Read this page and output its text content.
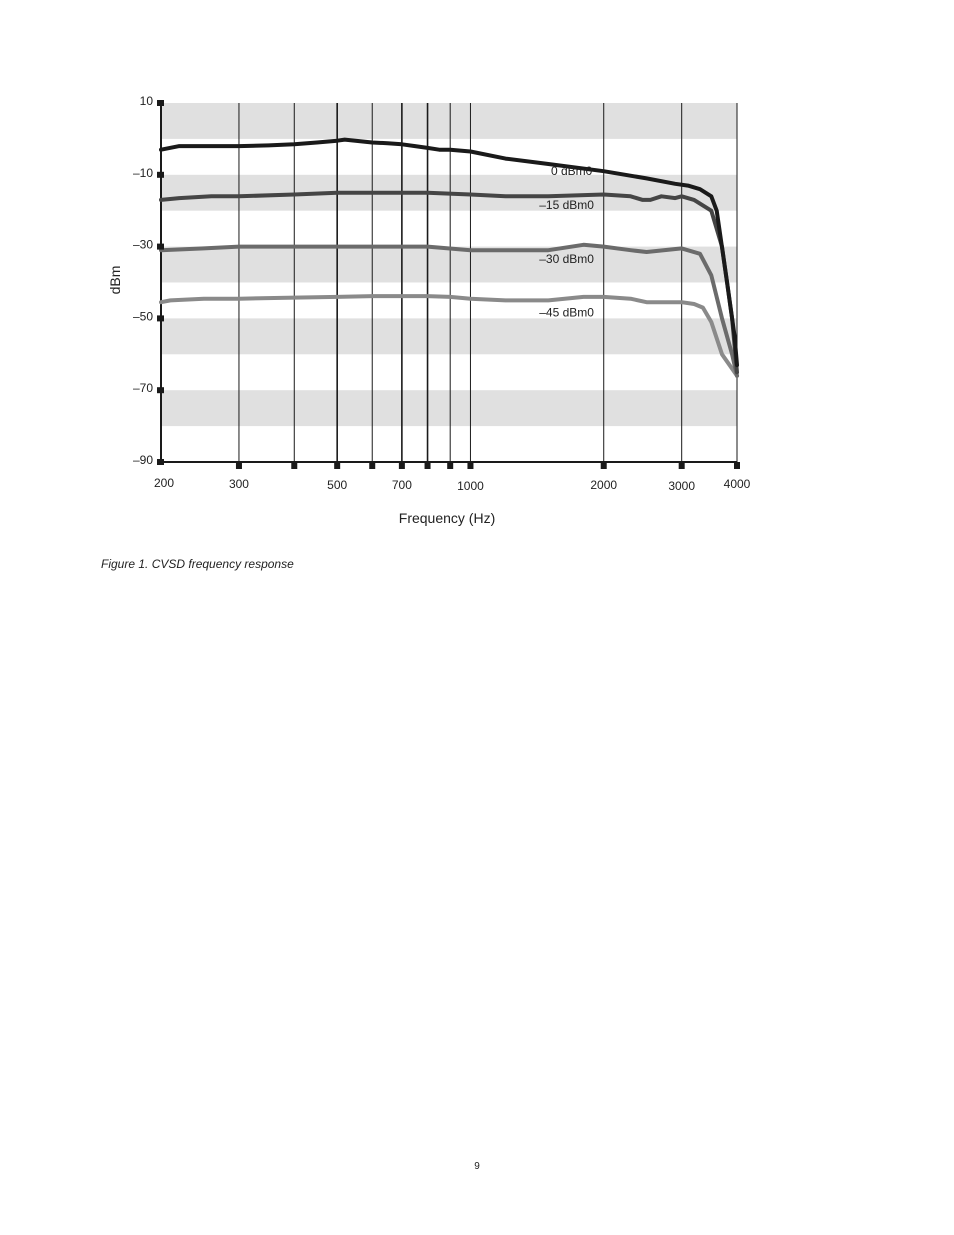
10
–10
–30
–50
–70
–90
200	300	500	700	1000	2000	3000 4000
0 dBm0
–15 dBm0
–30 dBm0
–45 dBm0
Frequency (Hz)
dBm
Figure 1. CVSD frequency response
9
